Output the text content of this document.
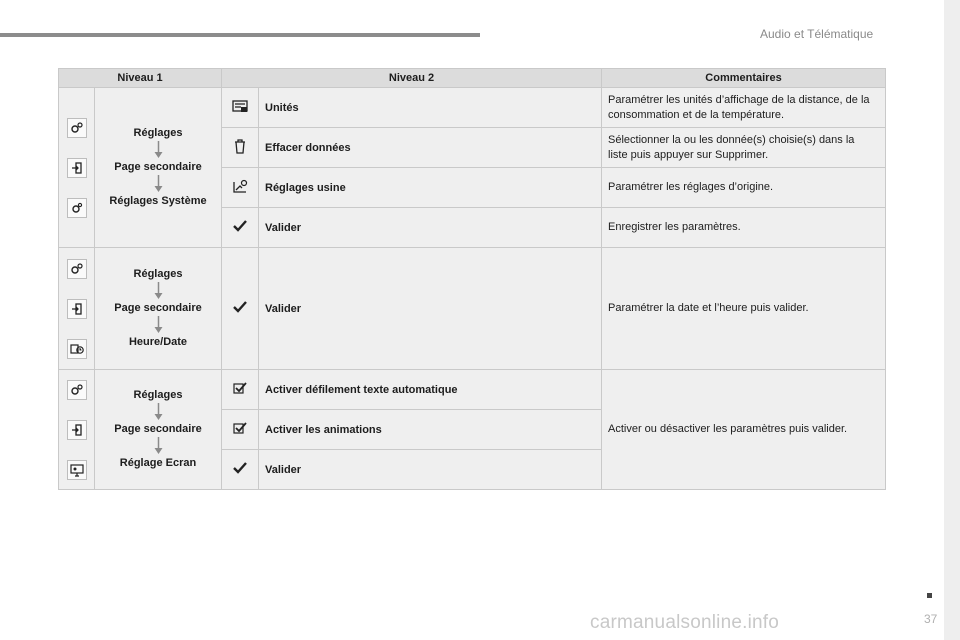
Audio et Télématique
Niveau 1		Niveau 2		Commentaires

Réglages
Page secondaire
Réglages Système		Unités	Paramétrer les unités d’affichage de la distance, de la consommation et de la température.
	Effacer données	Sélectionner la ou les donnée(s) choisie(s) dans la liste puis appuyer sur Supprimer.
	Réglages usine	Paramétrer les réglages d’origine.
	Valider	Enregistrer les paramètres.

Réglages
Page secondaire
Heure/Date		Valider	Paramétrer la date et l’heure puis valider.

Réglages
Page secondaire
Réglage Ecran		Activer défilement texte automatique	Activer ou désactiver les paramètres puis valider.
	Activer les animations	
	Valider	
carmanualsonline.info	37
